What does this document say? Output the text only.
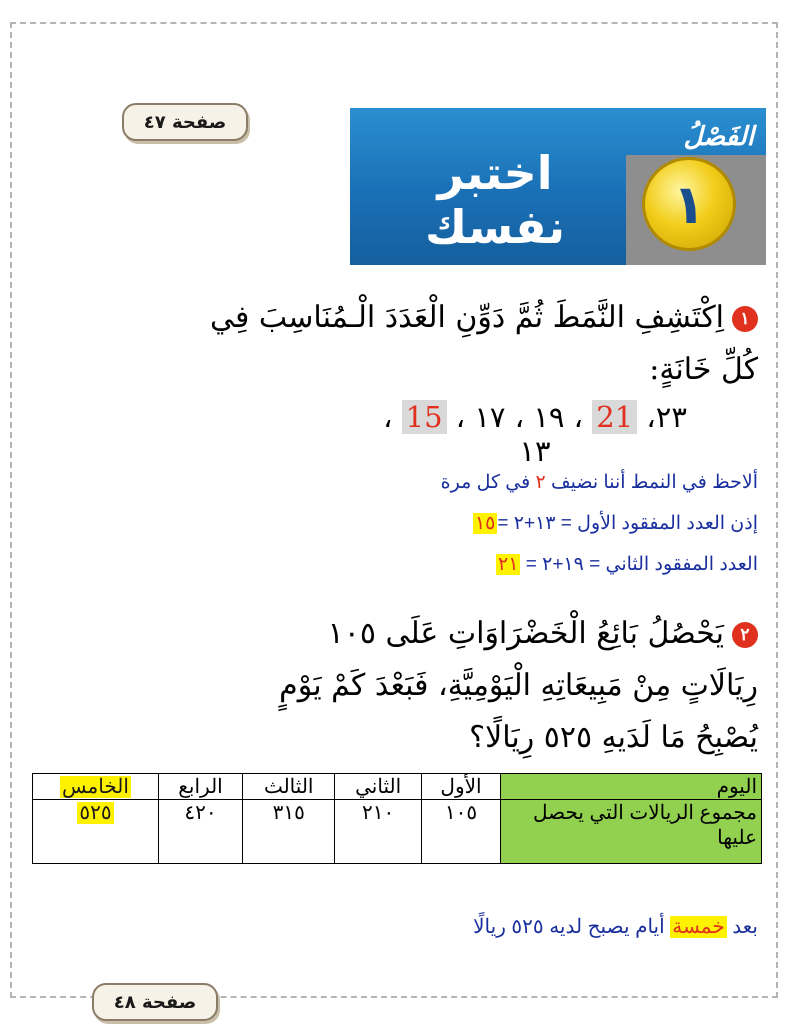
صفحة ٤٧
اختبر نفسك
الفَصْلُ
١
١اِكْتَشِفِ النَّمَطَ ثُمَّ دَوِّنِ الْعَدَدَ الْـمُنَاسِبَ فِي
كُلِّ خَانَةٍ:
٢٣، 21 ، ١٩ ، ١٧ ، 15 ، ١٣
ألاحظ في النمط أننا نضيف ٢ في كل مرة
إذن العدد المفقود الأول = ١٣+٢ =١٥
العدد المفقود الثاني = ١٩+٢ = ٢١
٢يَحْصُلُ بَائِعُ الْخَضْرَاوَاتِ عَلَى ١٠٥
رِيَالَاتٍ مِنْ مَبِيعَاتِهِ الْيَوْمِيَّةِ، فَبَعْدَ كَمْ يَوْمٍ
يُصْبِحُ مَا لَدَيهِ ٥٢٥ رِيَالًا؟
اليوم	الأول	الثاني	الثالث	الرابع	الخامس
مجموع الريالات التي يحصل عليها	١٠٥	٢١٠	٣١٥	٤٢٠	٥٢٥
بعد خمسة أيام يصبح لديه ٥٢٥ ريالًا
صفحة ٤٨
